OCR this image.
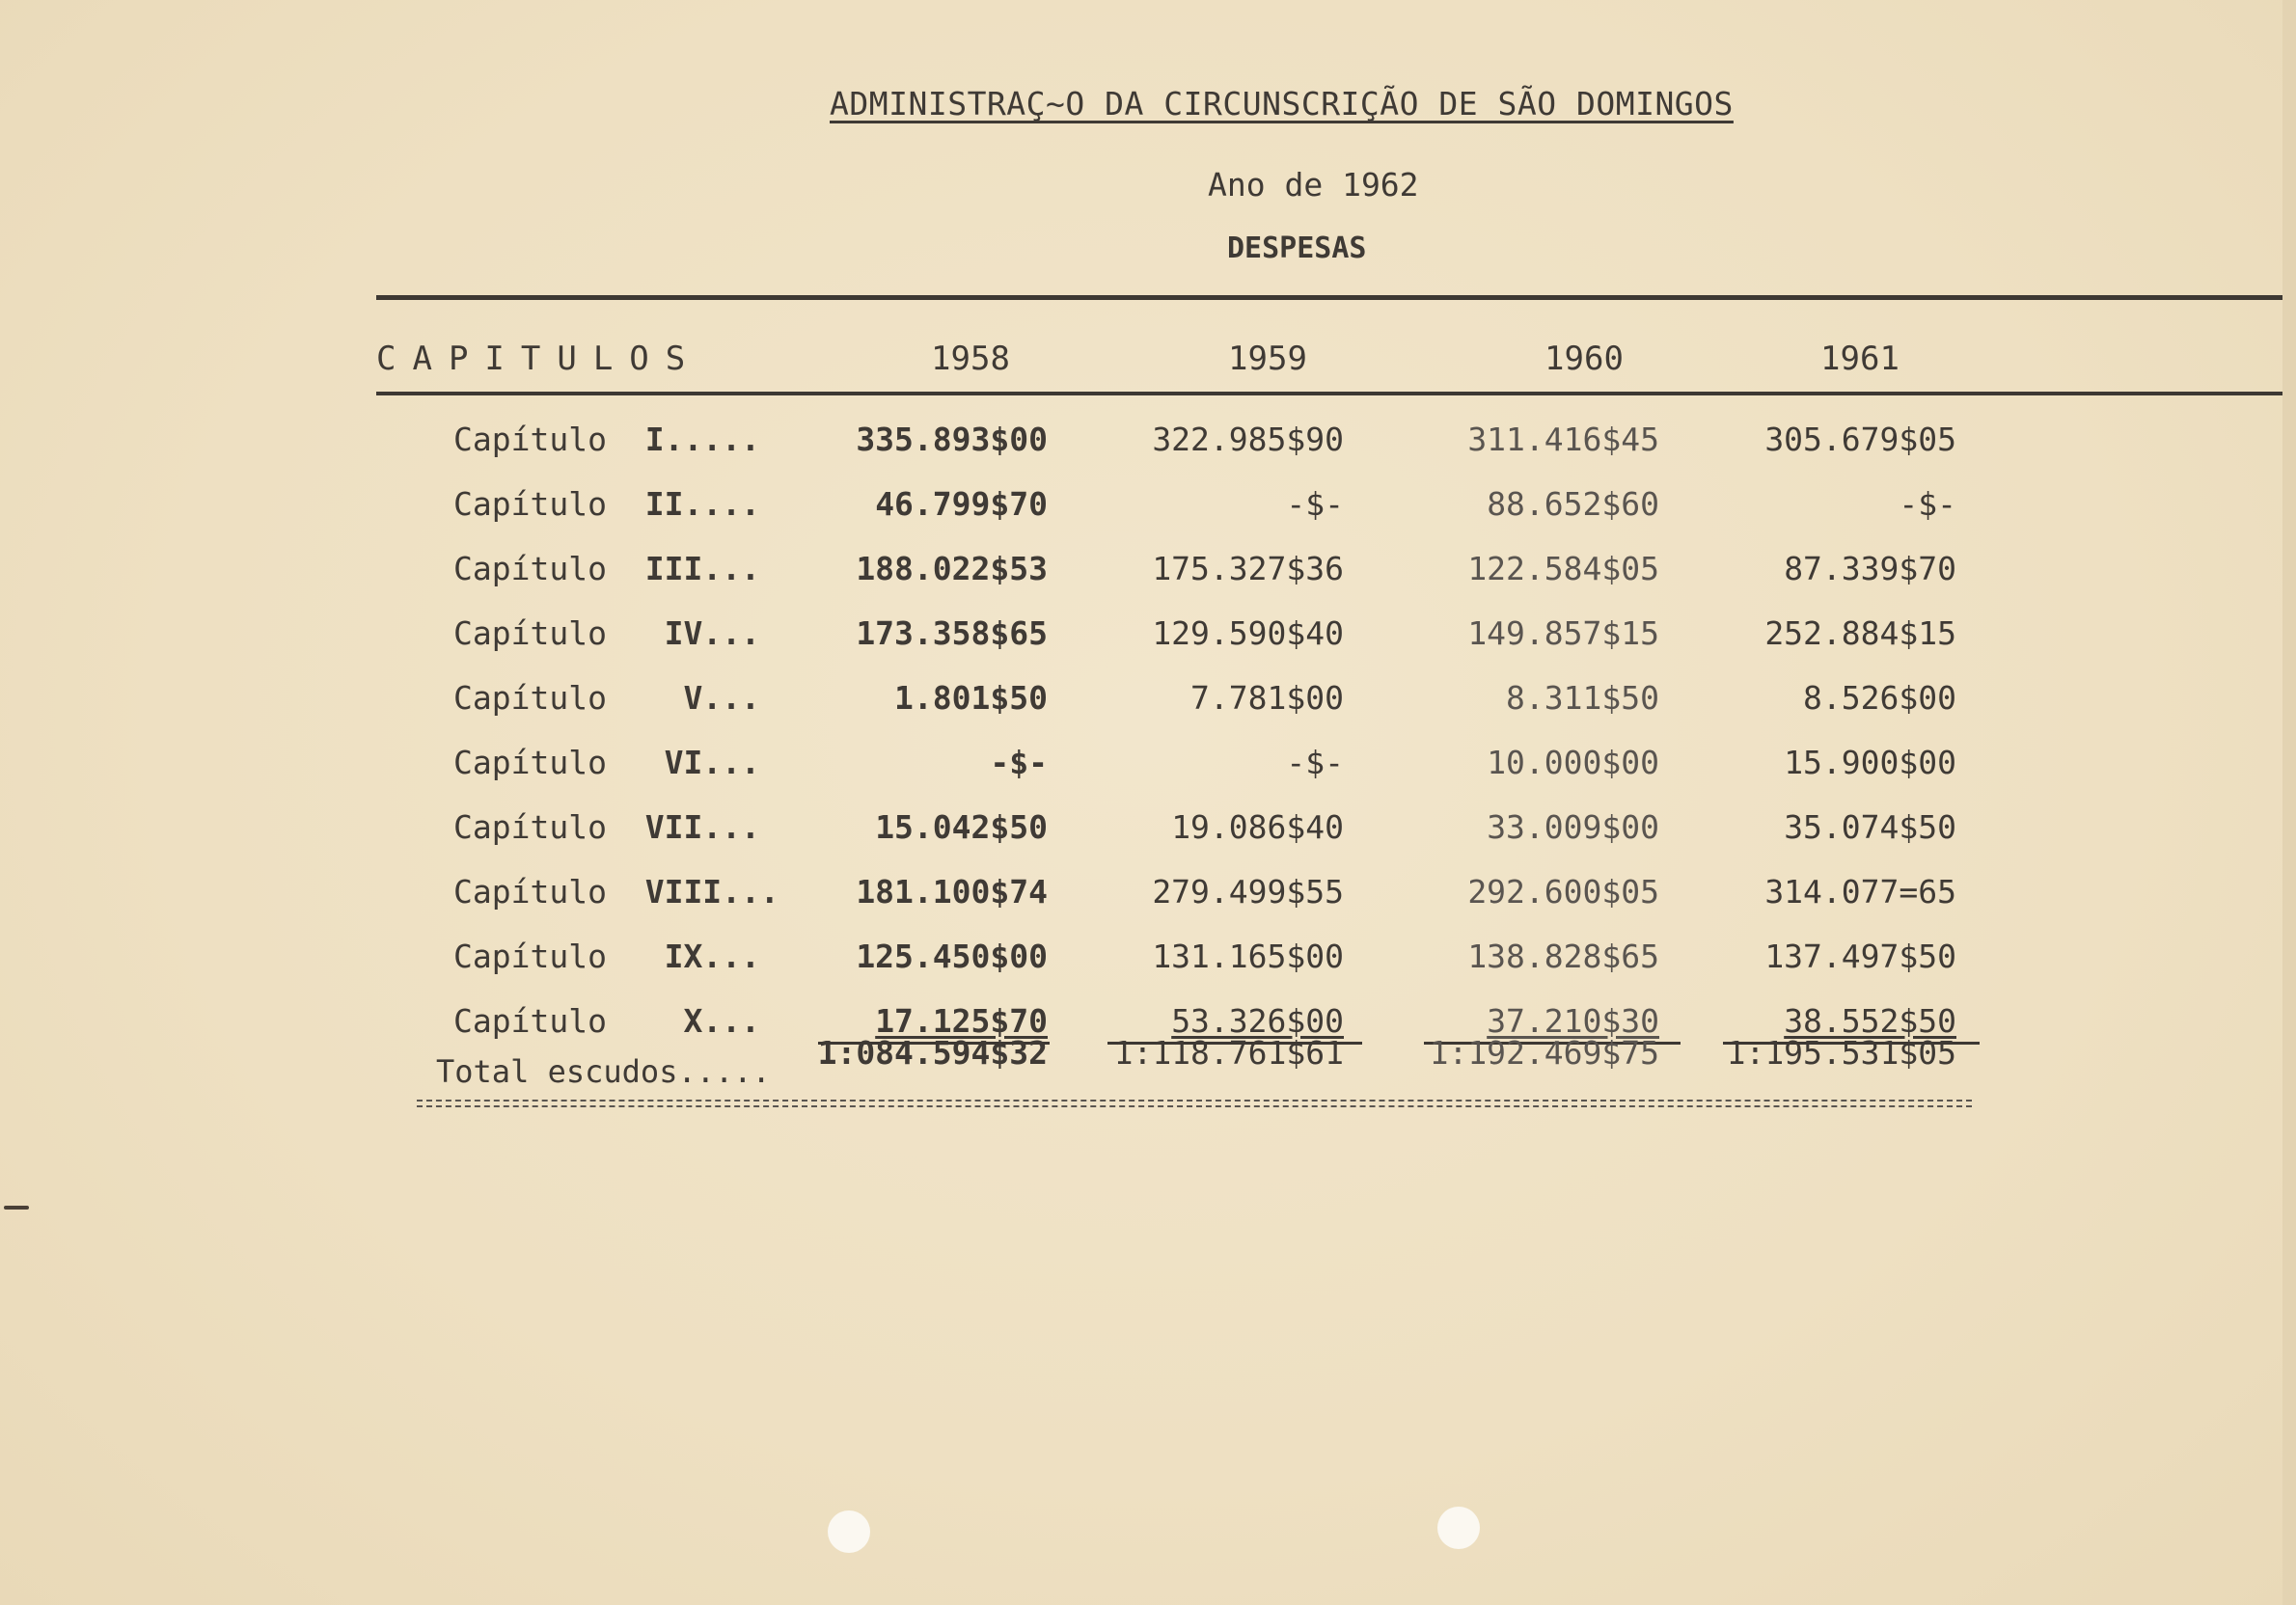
ADMINISTRAÇ~O DA CIRCUNSCRIÇÃO DE SÃO DOMINGOS
Ano de 1962
DESPESAS
CAPITULOS	1958	1959	1960	1961
Capítulo I.....	335.893$00	322.985$90	311.416$45	305.679$05
Capítulo II....	46.799$70	-$-	88.652$60	-$-
Capítulo III...	188.022$53	175.327$36	122.584$05	87.339$70
Capítulo   IV...	173.358$65	129.590$40	149.857$15	252.884$15
Capítulo    V...	1.801$50	7.781$00	8.311$50	8.526$00
Capítulo   VI...	-$-	-$-	10.000$00	15.900$00
Capítulo VII...	15.042$50	19.086$40	33.009$00	35.074$50
Capítulo VIII...	181.100$74	279.499$55	292.600$05	314.077=65
Capítulo   IX...	125.450$00	131.165$00	138.828$65	137.497$50
Capítulo    X...	17.125$70	53.326$00	37.210$30	38.552$50
Total escudos.....	1:084.594$32	1:118.761$61	1:192.469$75	1:195.531$05
